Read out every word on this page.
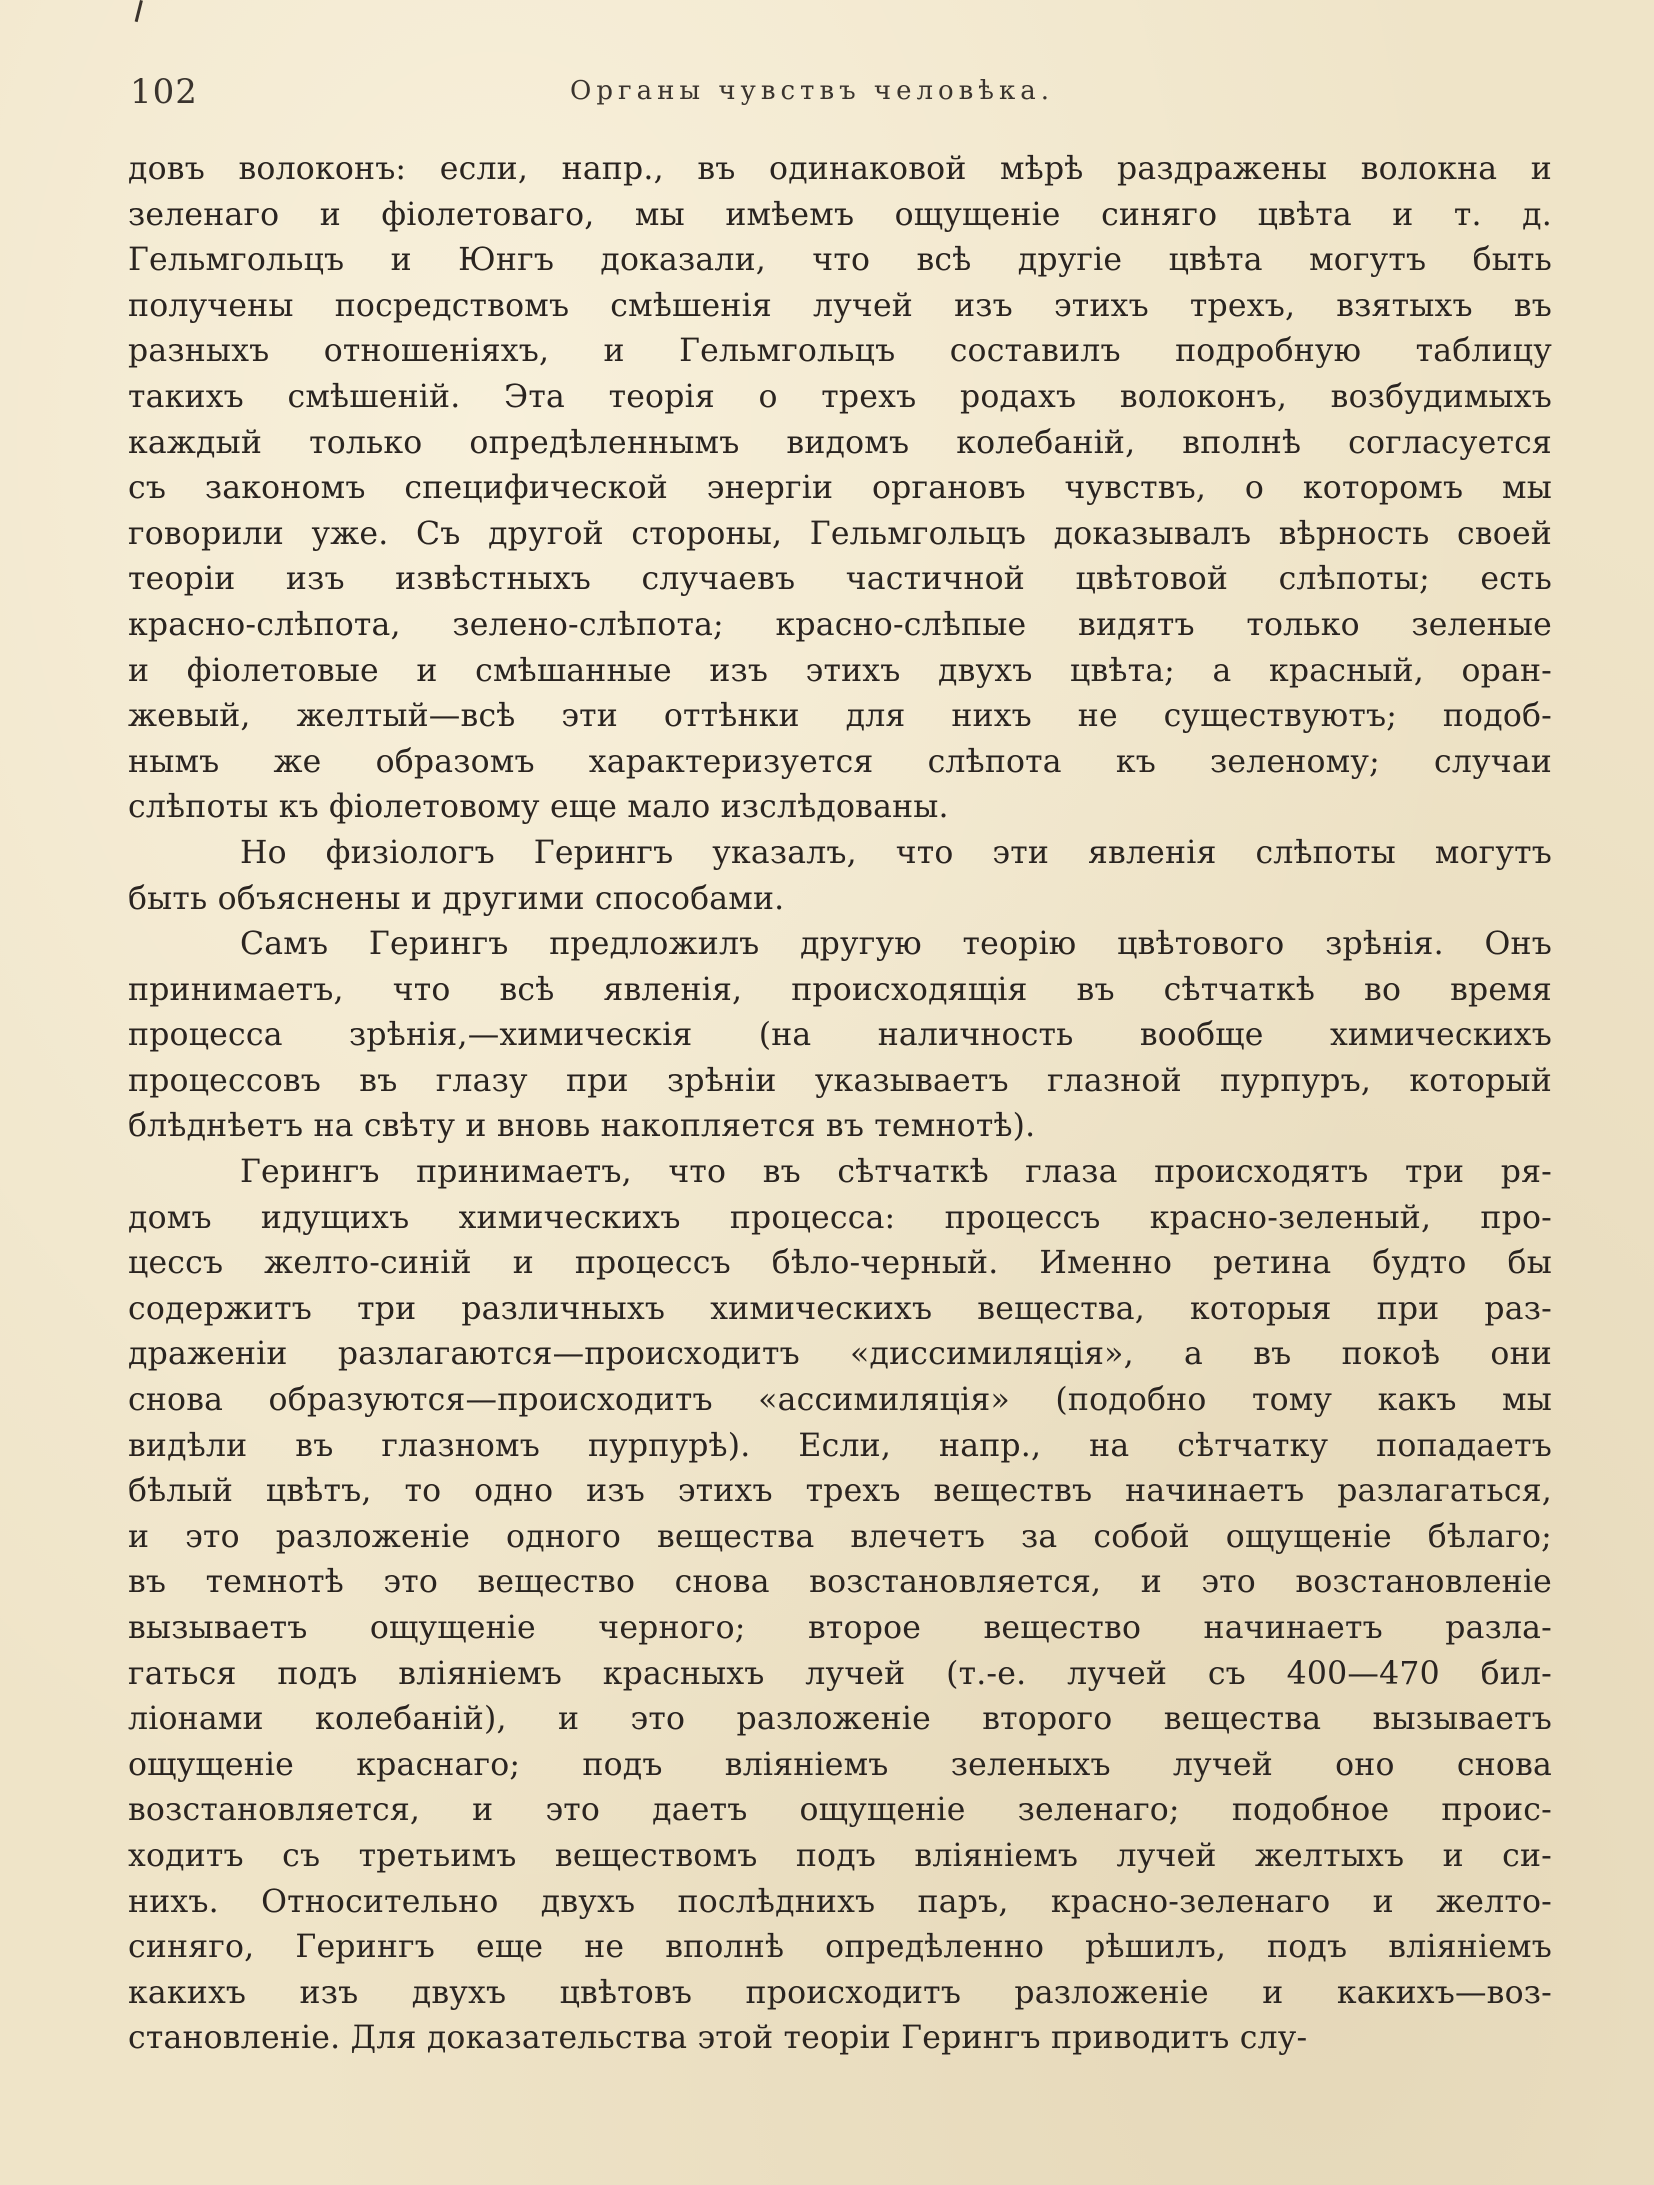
102	Органы чувствъ человѣка.
довъ волоконъ: если, напр., въ одинаковой мѣрѣ раздражены волокна и
зеленаго и фіолетоваго, мы имѣемъ ощущеніе синяго цвѣта и т. д.
Гельмгольцъ и Юнгъ доказали, что всѣ другіе цвѣта могутъ быть
получены посредствомъ смѣшенія лучей изъ этихъ трехъ, взятыхъ въ
разныхъ отношеніяхъ, и Гельмгольцъ составилъ подробную таблицу
такихъ смѣшеній. Эта теорія о трехъ родахъ волоконъ, возбудимыхъ
каждый только опредѣленнымъ видомъ колебаній, вполнѣ согласуется
съ закономъ специфической энергіи органовъ чувствъ, о которомъ мы
говорили уже. Съ другой стороны, Гельмгольцъ доказывалъ вѣрность своей
теоріи изъ извѣстныхъ случаевъ частичной цвѣтовой слѣпоты; есть
красно-слѣпота, зелено-слѣпота; красно-слѣпые видятъ только зеленые
и фіолетовые и смѣшанные изъ этихъ двухъ цвѣта; а красный, оран-
жевый, желтый—всѣ эти оттѣнки для нихъ не существуютъ; подоб-
нымъ же образомъ характеризуется слѣпота къ зеленому; случаи
слѣпоты къ фіолетовому еще мало изслѣдованы.
Но физіологъ Герингъ указалъ, что эти явленія слѣпоты могутъ
быть объяснены и другими способами.
Самъ Герингъ предложилъ другую теорію цвѣтового зрѣнія. Онъ
принимаетъ, что всѣ явленія, происходящія въ сѣтчаткѣ во время
процесса зрѣнія,—химическія (на наличность вообще химическихъ
процессовъ въ глазу при зрѣніи указываетъ глазной пурпуръ, который
блѣднѣетъ на свѣту и вновь накопляется въ темнотѣ).
Герингъ принимаетъ, что въ сѣтчаткѣ глаза происходятъ три ря-
домъ идущихъ химическихъ процесса: процессъ красно-зеленый, про-
цессъ желто-синій и процессъ бѣло-черный. Именно ретина будто бы
содержитъ три различныхъ химическихъ вещества, которыя при раз-
драженіи разлагаются—происходитъ «диссимиляція», а въ покоѣ они
снова образуются—происходитъ «ассимиляція» (подобно тому какъ мы
видѣли въ глазномъ пурпурѣ). Если, напр., на сѣтчатку попадаетъ
бѣлый цвѣтъ, то одно изъ этихъ трехъ веществъ начинаетъ разлагаться,
и это разложеніе одного вещества влечетъ за собой ощущеніе бѣлаго;
въ темнотѣ это вещество снова возстановляется, и это возстановленіе
вызываетъ ощущеніе черного; второе вещество начинаетъ разла-
гаться подъ вліяніемъ красныхъ лучей (т.-е. лучей съ 400—470 бил-
ліонами колебаній), и это разложеніе второго вещества вызываетъ
ощущеніе краснаго; подъ вліяніемъ зеленыхъ лучей оно снова
возстановляется, и это даетъ ощущеніе зеленаго; подобное проис-
ходитъ съ третьимъ веществомъ подъ вліяніемъ лучей желтыхъ и си-
нихъ. Относительно двухъ послѣднихъ паръ, красно-зеленаго и желто-
синяго, Герингъ еще не вполнѣ опредѣленно рѣшилъ, подъ вліяніемъ
какихъ изъ двухъ цвѣтовъ происходитъ разложеніе и какихъ—воз-
становленіе. Для доказательства этой теоріи Герингъ приводитъ слу-
